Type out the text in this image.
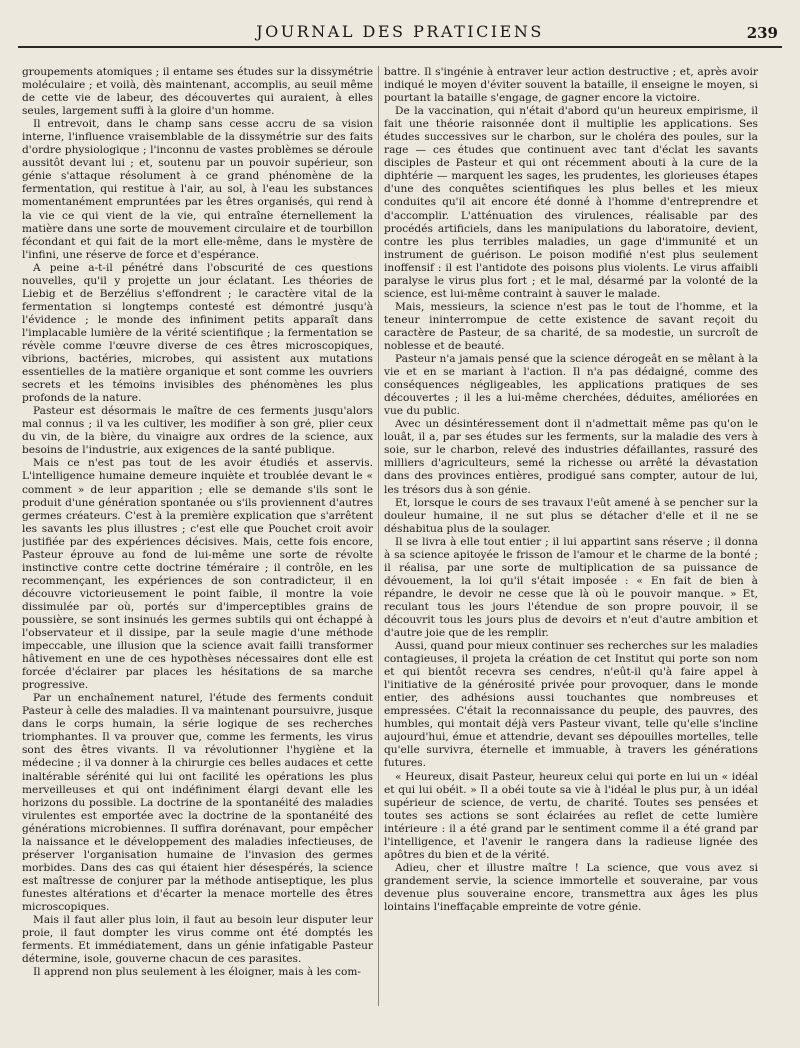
JOURNAL DES PRATICIENS	239

groupements atomiques ; il entame ses études sur la dissymétrie moléculaire ; et voilà, dès maintenant, accomplis, au seuil même de cette vie de labeur, des découvertes qui auraient, à elles seules, largement suffi à la gloire d'un homme.

Il entrevoit, dans le champ sans cesse accru de sa vision interne, l'influence vraisemblable de la dissymétrie sur des faits d'ordre physiologique ; l'inconnu de vastes problèmes se déroule aussitôt devant lui ; et, soutenu par un pouvoir supérieur, son génie s'attaque résolument à ce grand phénomène de la fermentation, qui restitue à l'air, au sol, à l'eau les substances momentanément empruntées par les êtres organisés, qui rend à la vie ce qui vient de la vie, qui entraîne éternellement la matière dans une sorte de mouvement circulaire et de tourbillon fécondant et qui fait de la mort elle-même, dans le mystère de l'infini, une réserve de force et d'espérance.

A peine a-t-il pénétré dans l'obscurité de ces questions nouvelles, qu'il y projette un jour éclatant. Les théories de Liebig et de Berzélius s'effondrent ; le caractère vital de la fermentation si longtemps contesté est démontré jusqu'à l'évidence ; le monde des infiniment petits apparaît dans l'implacable lumière de la vérité scientifique ; la fermentation se révèle comme l'œuvre diverse de ces êtres microscopiques, vibrions, bactéries, microbes, qui assistent aux mutations essentielles de la matière organique et sont comme les ouvriers secrets et les témoins invisibles des phénomènes les plus profonds de la nature.

Pasteur est désormais le maître de ces ferments jusqu'alors mal connus ; il va les cultiver, les modifier à son gré, plier ceux du vin, de la bière, du vinaigre aux ordres de la science, aux besoins de l'industrie, aux exigences de la santé publique.

Mais ce n'est pas tout de les avoir étudiés et asservis. L'intelligence humaine demeure inquiète et troublée devant le « comment » de leur apparition ; elle se demande s'ils sont le produit d'une génération spontanée ou s'ils proviennent d'autres germes créateurs. C'est à la première explication que s'arrêtent les savants les plus illustres ; c'est elle que Pouchet croit avoir justifiée par des expériences décisives. Mais, cette fois encore, Pasteur éprouve au fond de lui-même une sorte de révolte instinctive contre cette doctrine téméraire ; il contrôle, en les recommençant, les expériences de son contradicteur, il en découvre victorieusement le point faible, il montre la voie dissimulée par où, portés sur d'imperceptibles grains de poussière, se sont insinués les germes subtils qui ont échappé à l'observateur et il dissipe, par la seule magie d'une méthode impeccable, une illusion que la science avait failli transformer hâtivement en une de ces hypothèses nécessaires dont elle est forcée d'éclairer par places les hésitations de sa marche progressive.

Par un enchaînement naturel, l'étude des ferments conduit Pasteur à celle des maladies. Il va maintenant poursuivre, jusque dans le corps humain, la série logique de ses recherches triomphantes. Il va prouver que, comme les ferments, les virus sont des êtres vivants. Il va révolutionner l'hygiène et la médecine ; il va donner à la chirurgie ces belles audaces et cette inaltérable sérénité qui lui ont facilité les opérations les plus merveilleuses et qui ont indéfiniment élargi devant elle les horizons du possible. La doctrine de la spontanéité des maladies virulentes est emportée avec la doctrine de la spontanéité des générations microbiennes. Il suffira dorénavant, pour empêcher la naissance et le développement des maladies infectieuses, de préserver l'organisation humaine de l'invasion des germes morbides. Dans des cas qui étaient hier désespérés, la science est maîtresse de conjurer par la méthode antiseptique, les plus funestes altérations et d'écarter la menace mortelle des êtres microscopiques.

Mais il faut aller plus loin, il faut au besoin leur disputer leur proie, il faut dompter les virus comme ont été domptés les ferments. Et immédiatement, dans un génie infatigable Pasteur détermine, isole, gouverne chacun de ces parasites.

Il apprend non plus seulement à les éloigner, mais à les com-

battre. Il s'ingénie à entraver leur action destructive ; et, après avoir indiqué le moyen d'éviter souvent la bataille, il enseigne le moyen, si pourtant la bataille s'engage, de gagner encore la victoire.

De la vaccination, qui n'était d'abord qu'un heureux empirisme, il fait une théorie raisonnée dont il multiplie les applications. Ses études successives sur le charbon, sur le choléra des poules, sur la rage — ces études que continuent avec tant d'éclat les savants disciples de Pasteur et qui ont récemment abouti à la cure de la diphtérie — marquent les sages, les prudentes, les glorieuses étapes d'une des conquêtes scientifiques les plus belles et les mieux conduites qu'il ait encore été donné à l'homme d'entreprendre et d'accomplir. L'atténuation des virulences, réalisable par des procédés artificiels, dans les manipulations du laboratoire, devient, contre les plus terribles maladies, un gage d'immunité et un instrument de guérison. Le poison modifié n'est plus seulement inoffensif : il est l'antidote des poisons plus violents. Le virus affaibli paralyse le virus plus fort ; et le mal, désarmé par la volonté de la science, est lui-même contraint à sauver le malade.

Mais, messieurs, la science n'est pas le tout de l'homme, et la teneur ininterrompue de cette existence de savant reçoit du caractère de Pasteur, de sa charité, de sa modestie, un surcroît de noblesse et de beauté.

Pasteur n'a jamais pensé que la science dérogeât en se mêlant à la vie et en se mariant à l'action. Il n'a pas dédaigné, comme des conséquences négligeables, les applications pratiques de ses découvertes ; il les a lui-même cherchées, déduites, améliorées en vue du public.

Avec un désintéressement dont il n'admettait même pas qu'on le louât, il a, par ses études sur les ferments, sur la maladie des vers à soie, sur le charbon, relevé des industries défaillantes, rassuré des milliers d'agriculteurs, semé la richesse ou arrêté la dévastation dans des provinces entières, prodigué sans compter, autour de lui, les trésors dus à son génie.

Et, lorsque le cours de ses travaux l'eût amené à se pencher sur la douleur humaine, il ne sut plus se détacher d'elle et il ne se déshabitua plus de la soulager.

Il se livra à elle tout entier ; il lui appartint sans réserve ; il donna à sa science apitoyée le frisson de l'amour et le charme de la bonté ; il réalisa, par une sorte de multiplication de sa puissance de dévouement, la loi qu'il s'était imposée : « En fait de bien à répandre, le devoir ne cesse que là où le pouvoir manque. » Et, reculant tous les jours l'étendue de son propre pouvoir, il se découvrit tous les jours plus de devoirs et n'eut d'autre ambition et d'autre joie que de les remplir.

Aussi, quand pour mieux continuer ses recherches sur les maladies contagieuses, il projeta la création de cet Institut qui porte son nom et qui bientôt recevra ses cendres, n'eût-il qu'à faire appel à l'initiative de la générosité privée pour provoquer, dans le monde entier, des adhésions aussi touchantes que nombreuses et empressées. C'était la reconnaissance du peuple, des pauvres, des humbles, qui montait déjà vers Pasteur vivant, telle qu'elle s'incline aujourd'hui, émue et attendrie, devant ses dépouilles mortelles, telle qu'elle survivra, éternelle et immuable, à travers les générations futures.

« Heureux, disait Pasteur, heureux celui qui porte en lui un « idéal et qui lui obéit. » Il a obéi toute sa vie à l'idéal le plus pur, à un idéal supérieur de science, de vertu, de charité. Toutes ses pensées et toutes ses actions se sont éclairées au reflet de cette lumière intérieure : il a été grand par le sentiment comme il a été grand par l'intelligence, et l'avenir le rangera dans la radieuse lignée des apôtres du bien et de la vérité.

Adieu, cher et illustre maître ! La science, que vous avez si grandement servie, la science immortelle et souveraine, par vous devenue plus souveraine encore, transmettra aux âges les plus lointains l'ineffaçable empreinte de votre génie.
